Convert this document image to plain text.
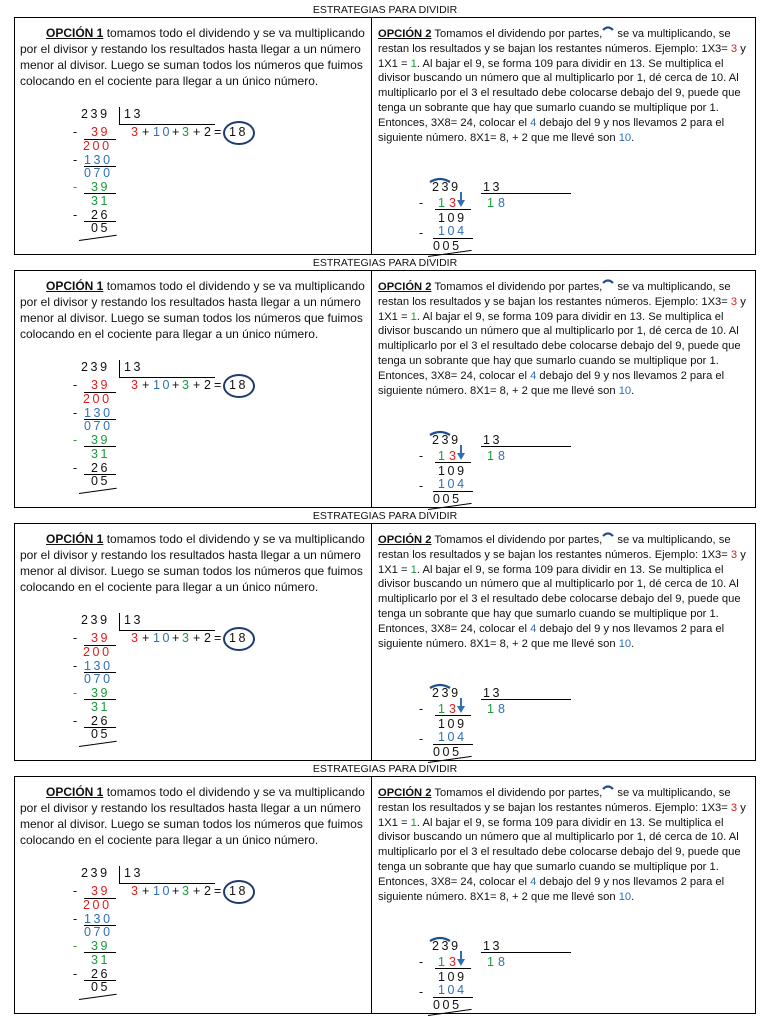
ESTRATEGIAS PARA DIVIDIR
OPCIÓN 1 tomamos todo el dividendo y se va multiplicando por el divisor y restando los resultados hasta llegar a un número menor al divisor. Luego se suman todos los números que fuimos colocando en el cociente para llegar a un único número.
239 13
- 39
200
3 + 10 + 3 + 2 = 18
- 130
070
- 39
31
- 26
05
OPCIÓN 2 Tomamos el dividendo por partes, se va multiplicando, se restan los resultados y se bajan los restantes números. Ejemplo: 1X3= 3 y 1X1 = 1. Al bajar el 9, se forma 109 para dividir en 13. Se multiplica el divisor buscando un número que al multiplicarlo por 1, dé cerca de 10. Al multiplicarlo por el 3 el resultado debe colocarse debajo del 9, puede que tenga un sobrante que hay que sumarlo cuando se multiplique por 1. Entonces, 3X8= 24, colocar el 4 debajo del 9 y nos llevamos 2 para el siguiente número. 8X1= 8, + 2 que me llevé son 10.
239 13
- 1 3 1 8
109
- 104
005
ESTRATEGIAS PARA DIVIDIR
OPCIÓN 1 tomamos todo el dividendo y se va multiplicando por el divisor y restando los resultados hasta llegar a un número menor al divisor. Luego se suman todos los números que fuimos colocando en el cociente para llegar a un único número.
239 13
- 39
200
3 + 10 + 3 + 2 = 18
- 130
070
- 39
31
- 26
05
OPCIÓN 2 Tomamos el dividendo por partes, se va multiplicando, se restan los resultados y se bajan los restantes números. Ejemplo: 1X3= 3 y 1X1 = 1. Al bajar el 9, se forma 109 para dividir en 13. Se multiplica el divisor buscando un número que al multiplicarlo por 1, dé cerca de 10. Al multiplicarlo por el 3 el resultado debe colocarse debajo del 9, puede que tenga un sobrante que hay que sumarlo cuando se multiplique por 1. Entonces, 3X8= 24, colocar el 4 debajo del 9 y nos llevamos 2 para el siguiente número. 8X1= 8, + 2 que me llevé son 10.
239 13
- 1 3 1 8
109
- 104
005
ESTRATEGIAS PARA DIVIDIR
OPCIÓN 1 tomamos todo el dividendo y se va multiplicando por el divisor y restando los resultados hasta llegar a un número menor al divisor. Luego se suman todos los números que fuimos colocando en el cociente para llegar a un único número.
239 13
- 39
200
3 + 10 + 3 + 2 = 18
- 130
070
- 39
31
- 26
05
OPCIÓN 2 Tomamos el dividendo por partes, se va multiplicando, se restan los resultados y se bajan los restantes números. Ejemplo: 1X3= 3 y 1X1 = 1. Al bajar el 9, se forma 109 para dividir en 13. Se multiplica el divisor buscando un número que al multiplicarlo por 1, dé cerca de 10. Al multiplicarlo por el 3 el resultado debe colocarse debajo del 9, puede que tenga un sobrante que hay que sumarlo cuando se multiplique por 1. Entonces, 3X8= 24, colocar el 4 debajo del 9 y nos llevamos 2 para el siguiente número. 8X1= 8, + 2 que me llevé son 10.
239 13
- 1 3 1 8
109
- 104
005
ESTRATEGIAS PARA DIVIDIR
OPCIÓN 1 tomamos todo el dividendo y se va multiplicando por el divisor y restando los resultados hasta llegar a un número menor al divisor. Luego se suman todos los números que fuimos colocando en el cociente para llegar a un único número.
239 13
- 39
200
3 + 10 + 3 + 2 = 18
- 130
070
- 39
31
- 26
05
OPCIÓN 2 Tomamos el dividendo por partes, se va multiplicando, se restan los resultados y se bajan los restantes números. Ejemplo: 1X3= 3 y 1X1 = 1. Al bajar el 9, se forma 109 para dividir en 13. Se multiplica el divisor buscando un número que al multiplicarlo por 1, dé cerca de 10. Al multiplicarlo por el 3 el resultado debe colocarse debajo del 9, puede que tenga un sobrante que hay que sumarlo cuando se multiplique por 1. Entonces, 3X8= 24, colocar el 4 debajo del 9 y nos llevamos 2 para el siguiente número. 8X1= 8, + 2 que me llevé son 10.
239 13
- 1 3 1 8
109
- 104
005
